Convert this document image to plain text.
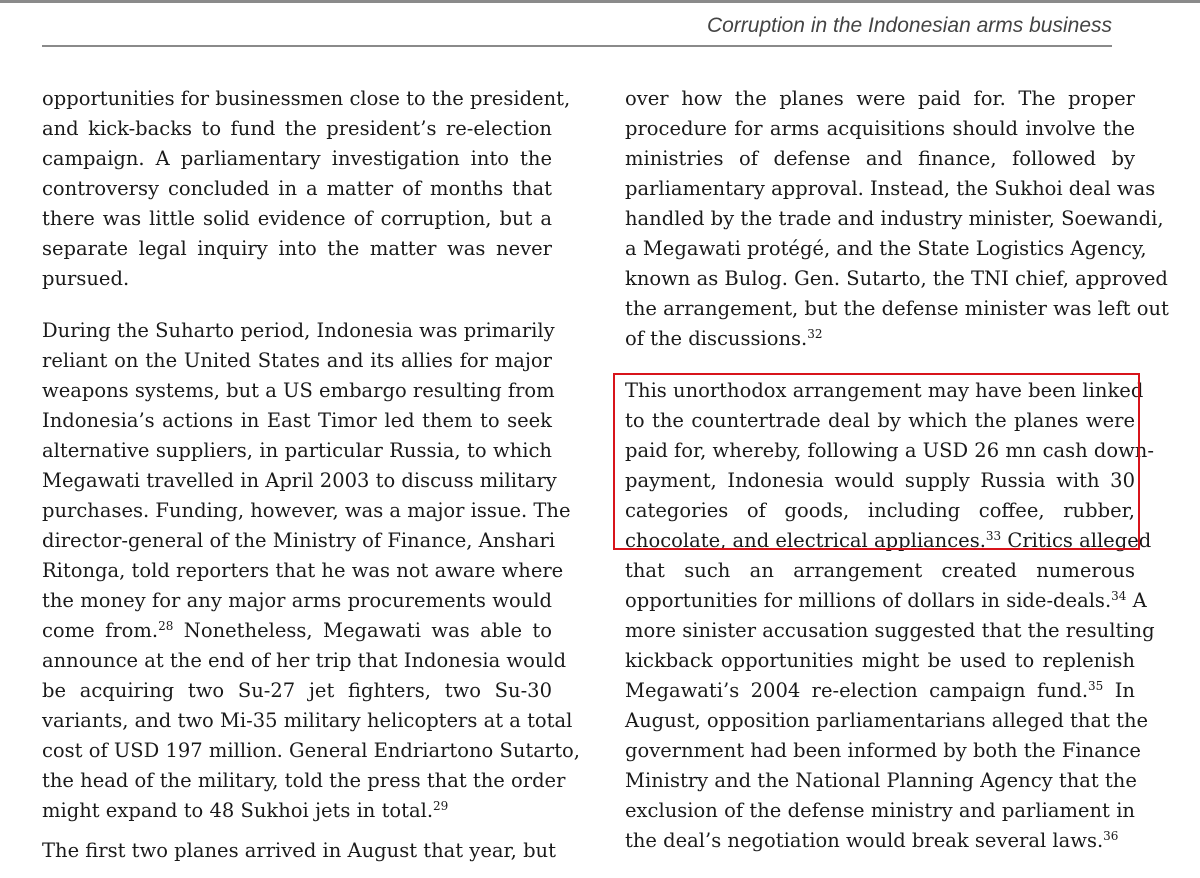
Corruption in the Indonesian arms business

opportunities for businessmen close to the president,
and kick-backs to fund the president’s re-election
campaign. A parliamentary investigation into the
controversy concluded in a matter of months that
there was little solid evidence of corruption, but a
separate legal inquiry into the matter was never
pursued.

During the Suharto period, Indonesia was primarily
reliant on the United States and its allies for major
weapons systems, but a US embargo resulting from
Indonesia’s actions in East Timor led them to seek
alternative suppliers, in particular Russia, to which
Megawati travelled in April 2003 to discuss military
purchases. Funding, however, was a major issue. The
director-general of the Ministry of Finance, Anshari
Ritonga, told reporters that he was not aware where
the money for any major arms procurements would
come from.$^{28}$ Nonetheless, Megawati was able to
announce at the end of her trip that Indonesia would
be acquiring two Su-27 jet fighters, two Su-30
variants, and two Mi-35 military helicopters at a total
cost of USD 197 million. General Endriartono Sutarto,
the head of the military, told the press that the order
might expand to 48 Sukhoi jets in total.$^{29}$

The first two planes arrived in August that year, but

over how the planes were paid for. The proper
procedure for arms acquisitions should involve the
ministries of defense and finance, followed by
parliamentary approval. Instead, the Sukhoi deal was
handled by the trade and industry minister, Soewandi,
a Megawati protégé, and the State Logistics Agency,
known as Bulog. Gen. Sutarto, the TNI chief, approved
the arrangement, but the defense minister was left out
of the discussions.$^{32}$

This unorthodox arrangement may have been linked
to the countertrade deal by which the planes were
paid for, whereby, following a USD 26 mn cash down-
payment, Indonesia would supply Russia with 30
categories of goods, including coffee, rubber,
chocolate, and electrical appliances.$^{33}$ Critics alleged
that such an arrangement created numerous
opportunities for millions of dollars in side-deals.$^{34}$ A
more sinister accusation suggested that the resulting
kickback opportunities might be used to replenish
Megawati’s 2004 re-election campaign fund.$^{35}$ In
August, opposition parliamentarians alleged that the
government had been informed by both the Finance
Ministry and the National Planning Agency that the
exclusion of the defense ministry and parliament in
the deal’s negotiation would break several laws.$^{36}$
